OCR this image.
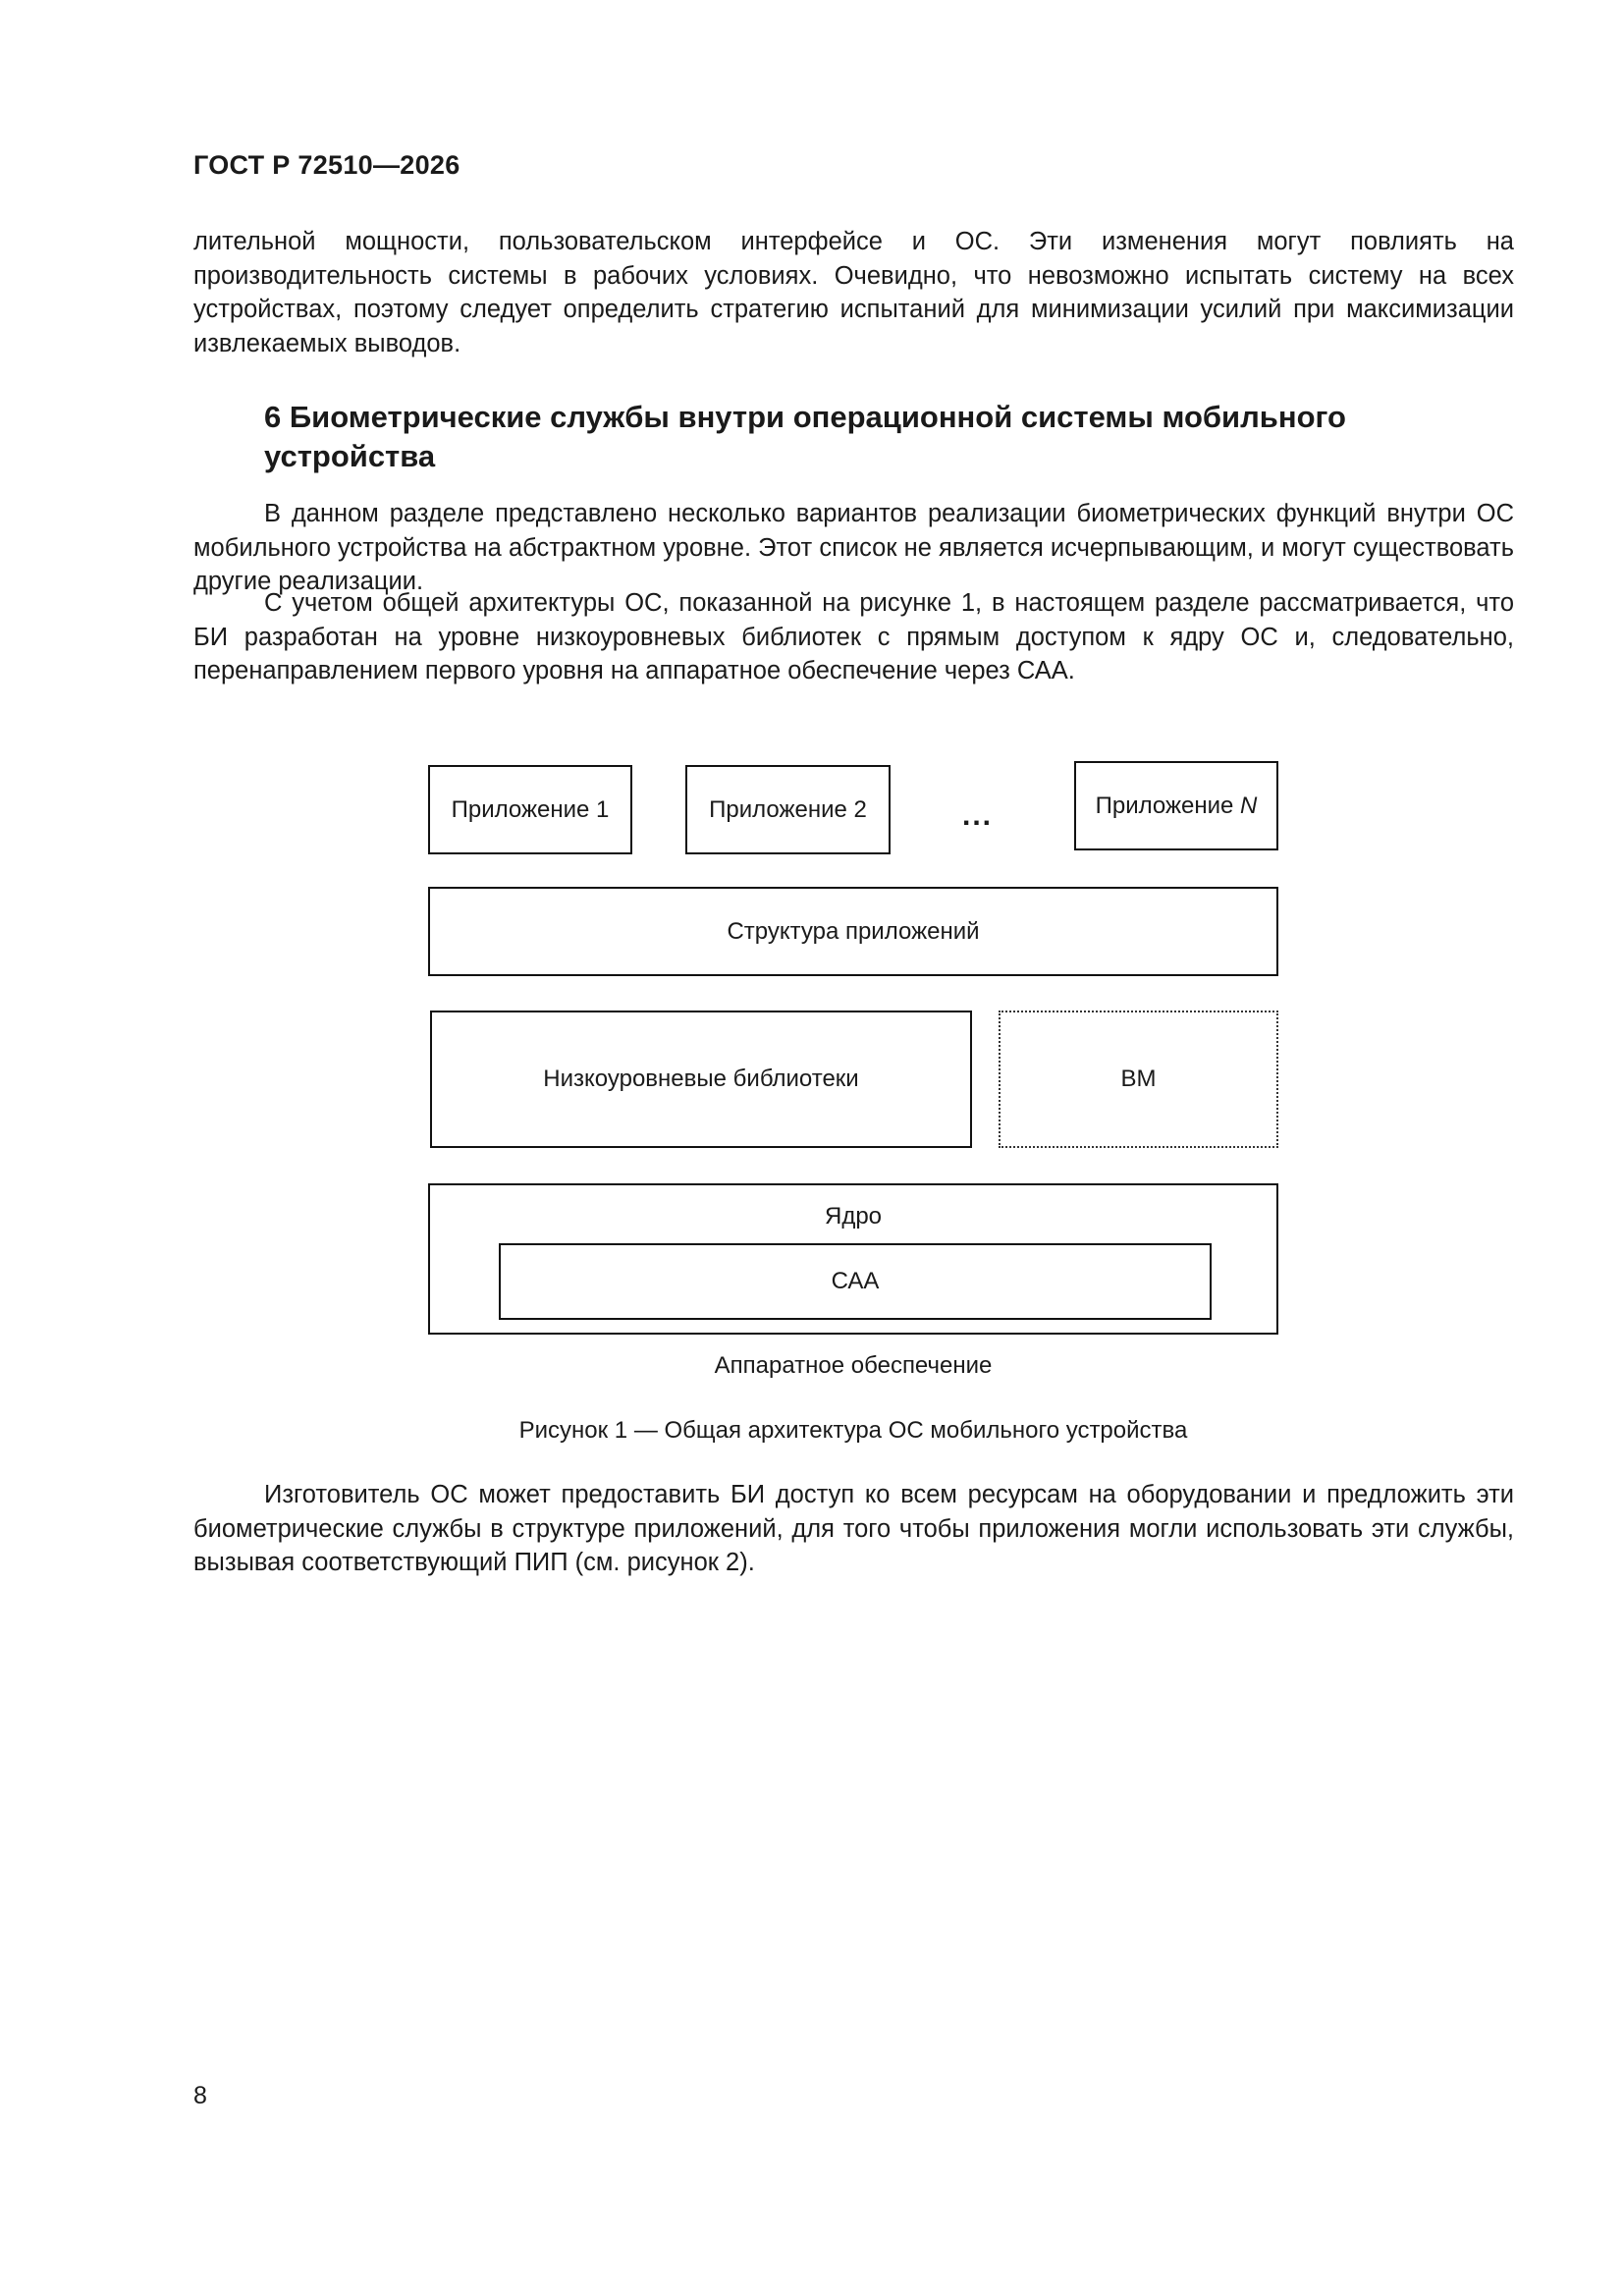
ГОСТ Р 72510—2026

лительной мощности, пользовательском интерфейсе и ОС. Эти изменения могут повлиять на производительность системы в рабочих условиях. Очевидно, что невозможно испытать систему на всех устройствах, поэтому следует определить стратегию испытаний для минимизации усилий при максимизации извлекаемых выводов.

6 Биометрические службы внутри операционной системы мобильного устройства

В данном разделе представлено несколько вариантов реализации биометрических функций внутри ОС мобильного устройства на абстрактном уровне. Этот список не является исчерпывающим, и могут существовать другие реализации.

С учетом общей архитектуры ОС, показанной на рисунке 1, в настоящем разделе рассматривается, что БИ разработан на уровне низкоуровневых библиотек с прямым доступом к ядру ОС и, следовательно, перенаправлением первого уровня на аппаратное обеспечение через САА.

Приложение 1	Приложение 2	...	Приложение N
Структура приложений
Низкоуровневые библиотеки	ВМ
Ядро
САА
Аппаратное обеспечение
Рисунок 1 — Общая архитектура ОС мобильного устройства

Изготовитель ОС может предоставить БИ доступ ко всем ресурсам на оборудовании и предложить эти биометрические службы в структуре приложений, для того чтобы приложения могли использовать эти службы, вызывая соответствующий ПИП (см. рисунок 2).

8
